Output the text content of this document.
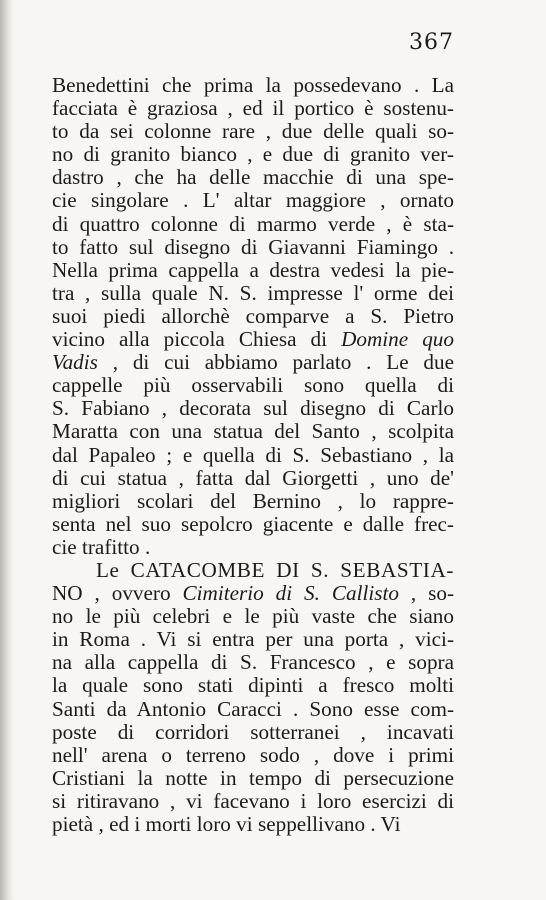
367
Benedettini che prima la possedevano . La
facciata è graziosa , ed il portico è sostenu-
to da sei colonne rare , due delle quali so-
no di granito bianco , e due di granito ver-
dastro , che ha delle macchie di una spe-
cie singolare . L' altar maggiore , ornato
di quattro colonne di marmo verde , è sta-
to fatto sul disegno di Giavanni Fiamingo .
Nella prima cappella a destra vedesi la pie-
tra , sulla quale N. S. impresse l' orme dei
suoi piedi allorchè comparve a S. Pietro
vicino alla piccola Chiesa di Domine quo
Vadis , di cui abbiamo parlato . Le due
cappelle più osservabili sono quella di
S. Fabiano , decorata sul disegno di Carlo
Maratta con una statua del Santo , scolpita
dal Papaleo ; e quella di S. Sebastiano , la
di cui statua , fatta dal Giorgetti , uno de'
migliori scolari del Bernino , lo rappre-
senta nel suo sepolcro giacente e dalle frec-
cie trafitto .
Le CATACOMBE DI S. SEBASTIA-
NO , ovvero Cimiterio di S. Callisto , so-
no le più celebri e le più vaste che siano
in Roma . Vi si entra per una porta , vici-
na alla cappella di S. Francesco , e sopra
la quale sono stati dipinti a fresco molti
Santi da Antonio Caracci . Sono esse com-
poste di corridori sotterranei , incavati
nell' arena o terreno sodo , dove i primi
Cristiani la notte in tempo di persecuzione
si ritiravano , vi facevano i loro esercizi di
pietà , ed i morti loro vi seppellivano . Vi
